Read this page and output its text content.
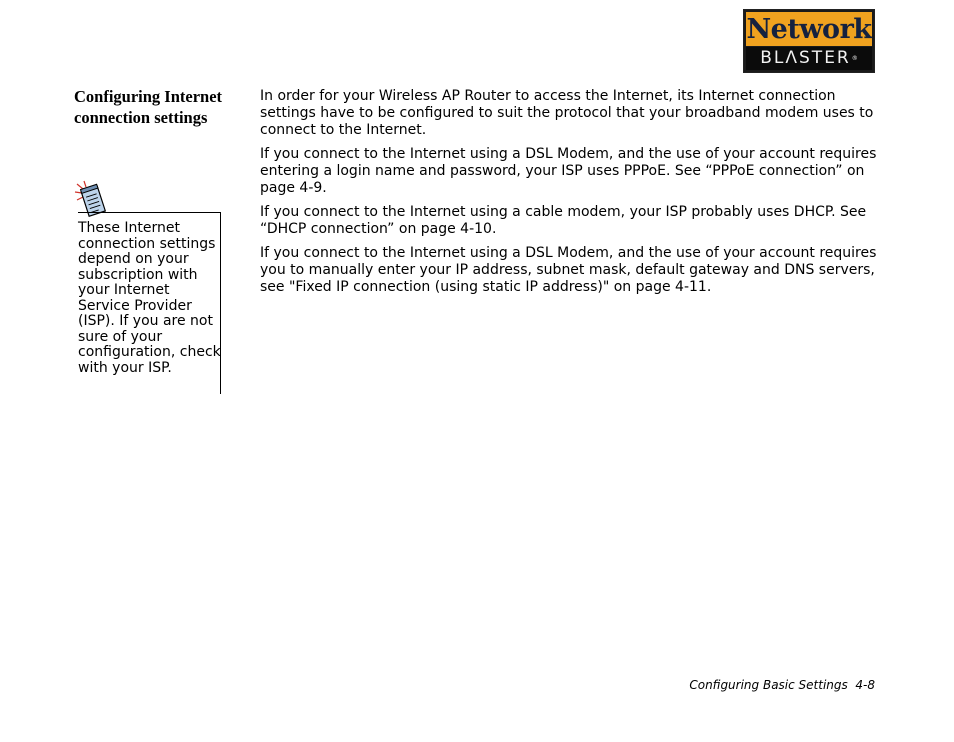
Network
BLΛSTER ®
Configuring Internet connection settings
These Internet connection settings depend on your subscription with your Internet Service Provider (ISP). If you are not sure of your configuration, check with your ISP.

In order for your Wireless AP Router to access the Internet, its Internet connection settings have to be configured to suit the protocol that your broadband modem uses to connect to the Internet.

If you connect to the Internet using a DSL Modem, and the use of your account requires entering a login name and password, your ISP uses PPPoE. See “PPPoE connection” on page 4-9.

If you connect to the Internet using a cable modem, your ISP probably uses DHCP. See “DHCP connection” on page 4-10.

If you connect to the Internet using a DSL Modem, and the use of your account requires you to manually enter your IP address, subnet mask, default gateway and DNS servers, see "Fixed IP connection (using static IP address)" on page 4-11.

Configuring Basic Settings  4-8
